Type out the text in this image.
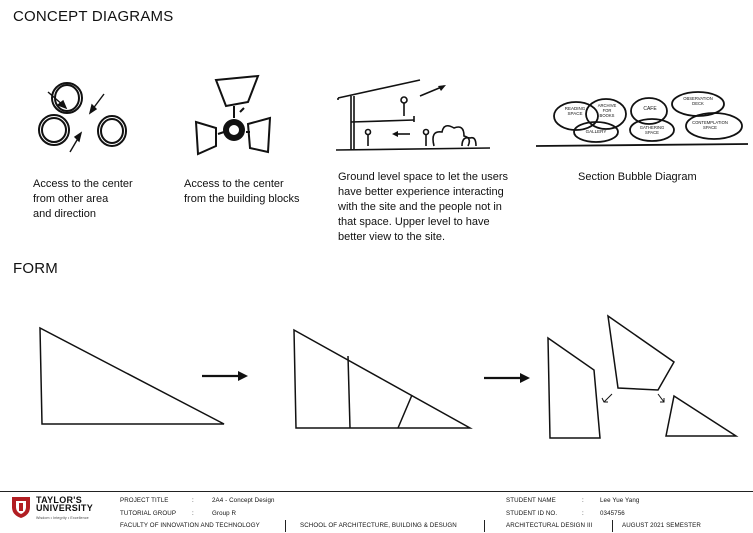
CONCEPT DIAGRAMS
FORM
READING
SPACE
ARCHIVE
FOR
BOOKS
CAFE
OBSERVATION
DECK
GALLERY
GATHERING
SPACE
CONTEMPLATION
SPACE
Access to the center
from other area
and direction
Access to the center
from the building blocks
Ground level space to let the users
have better experience interacting
with the site and the people not in
that space. Upper level to have
better view to the site.
Section Bubble Diagram
TAYLOR'S
UNIVERSITY
Wisdom • Integrity • Excellence
PROJECT TITLE	:	2A4 - Concept Design
TUTORIAL GROUP	:	Group R
STUDENT NAME	:	Lee Yue Yang
STUDENT ID NO.	:	0345756
FACULTY OF INNOVATION AND TECHNOLOGY	SCHOOL OF ARCHITECTURE, BUILDING & DESUGN	ARCHITECTURAL DESIGN III	AUGUST 2021 SEMESTER
